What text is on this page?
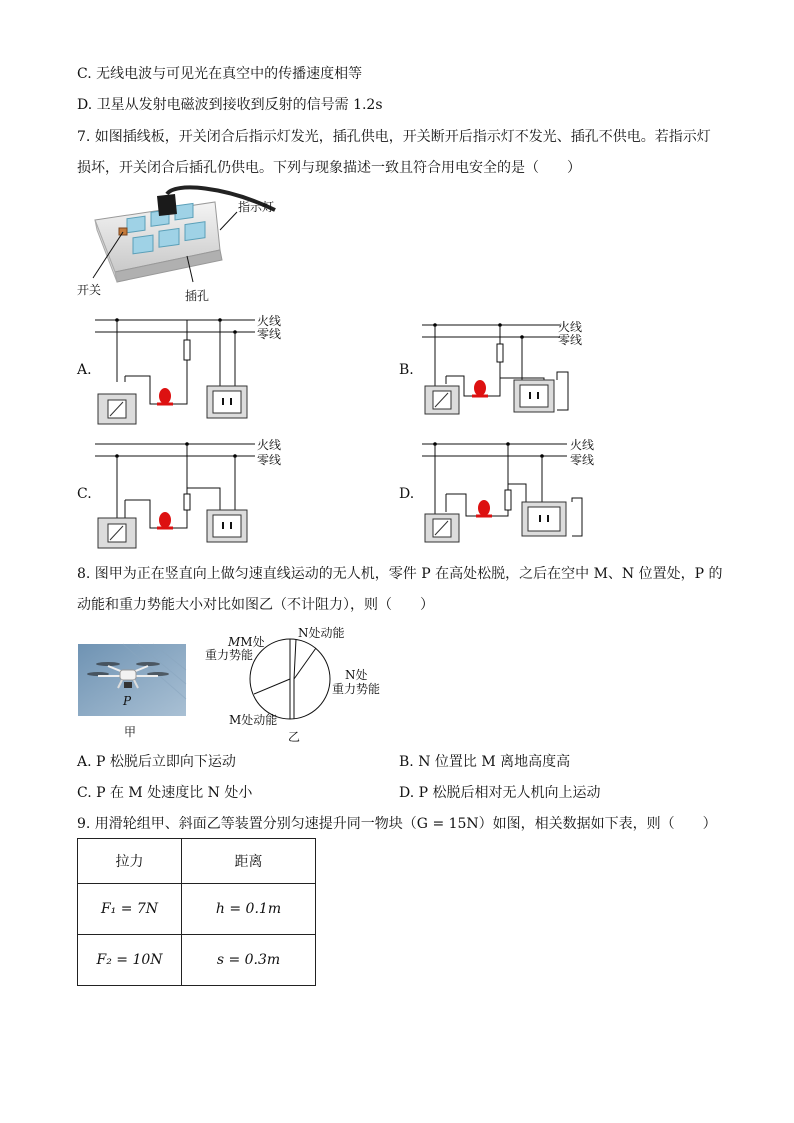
C. 无线电波与可见光在真空中的传播速度相等
D. 卫星从发射电磁波到接收到反射的信号需 1.2s
7. 如图插线板，开关闭合后指示灯发光，插孔供电，开关断开后指示灯不发光、插孔不供电。若指示灯
损坏，开关闭合后插孔仍供电。下列与现象描述一致且符合用电安全的是（　　）
指示灯
开关	插孔
A.
火线
零线
B.
火线
零线
C.
火线
零线
D.
火线
零线
8. 图甲为正在竖直向上做匀速直线运动的无人机，零件 P 在高处松脱，之后在空中 M、N 位置处，P 的
动能和重力势能大小对比如图乙（不计阻力），则（　　）
P
甲
MM处
重力势能
N处动能
N处
重力势能
M处动能
乙
A. P 松脱后立即向下运动	B. N 位置比 M 离地高度高
C. P 在 M 处速度比 N 处小	D. P 松脱后相对无人机向上运动
9. 用滑轮组甲、斜面乙等装置分别匀速提升同一物块（G = 15N）如图，相关数据如下表，则（　　）
拉力	距离
F₁ = 7N	h = 0.1m
F₂ = 10N	s = 0.3m
